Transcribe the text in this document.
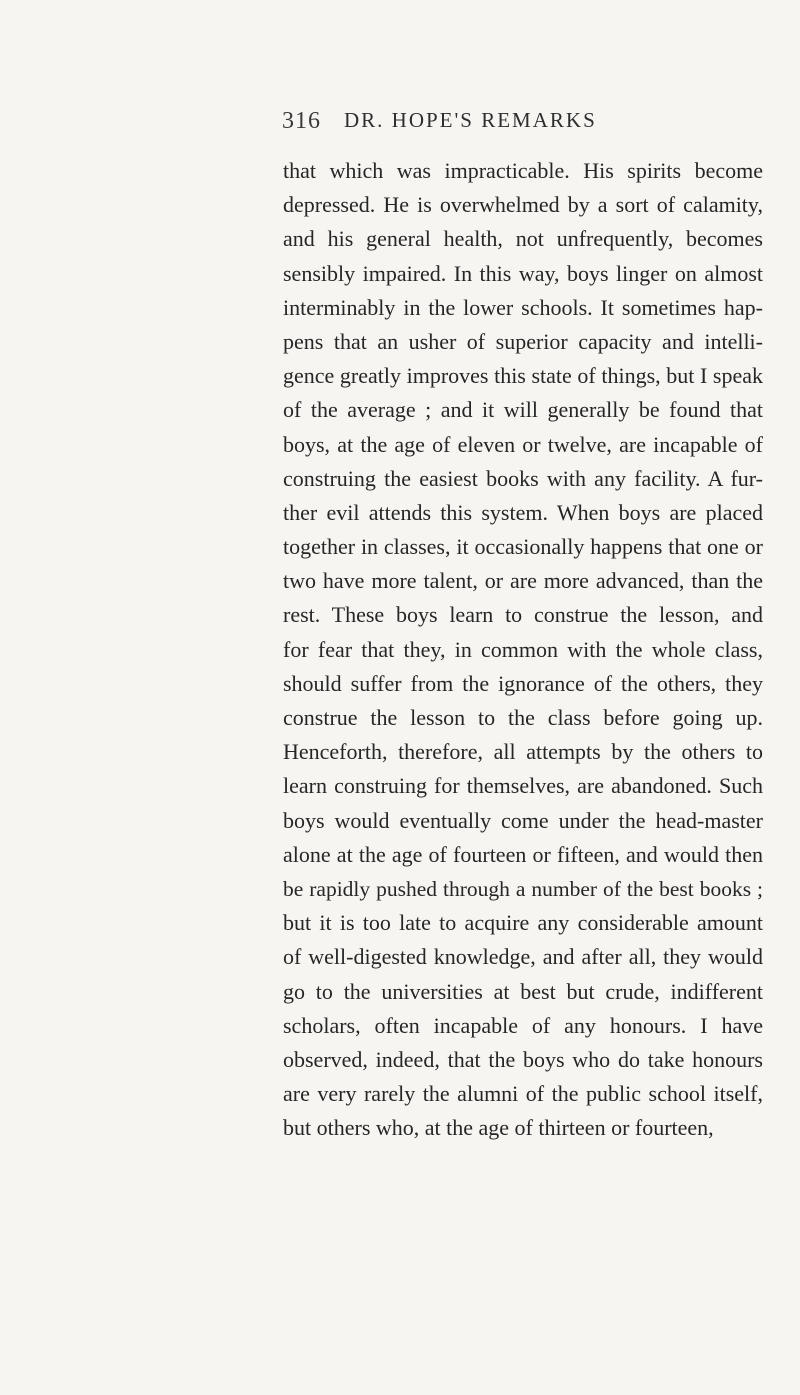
316 DR. HOPE'S REMARKS
that which was impracticable. His spirits become
depressed. He is overwhelmed by a sort of calamity,
and his general health, not unfrequently, becomes
sensibly impaired. In this way, boys linger on almost
interminably in the lower schools. It sometimes hap-
pens that an usher of superior capacity and intelli-
gence greatly improves this state of things, but I speak
of the average ; and it will generally be found that
boys, at the age of eleven or twelve, are incapable of
construing the easiest books with any facility. A fur-
ther evil attends this system. When boys are placed
together in classes, it occasionally happens that one or
two have more talent, or are more advanced, than the
rest. These boys learn to construe the lesson, and
for fear that they, in common with the whole class,
should suffer from the ignorance of the others, they
construe the lesson to the class before going up.
Henceforth, therefore, all attempts by the others to
learn construing for themselves, are abandoned. Such
boys would eventually come under the head-master
alone at the age of fourteen or fifteen, and would then
be rapidly pushed through a number of the best books ;
but it is too late to acquire any considerable amount
of well-digested knowledge, and after all, they would
go to the universities at best but crude, indifferent
scholars, often incapable of any honours. I have
observed, indeed, that the boys who do take honours
are very rarely the alumni of the public school itself,
but others who, at the age of thirteen or fourteen,
